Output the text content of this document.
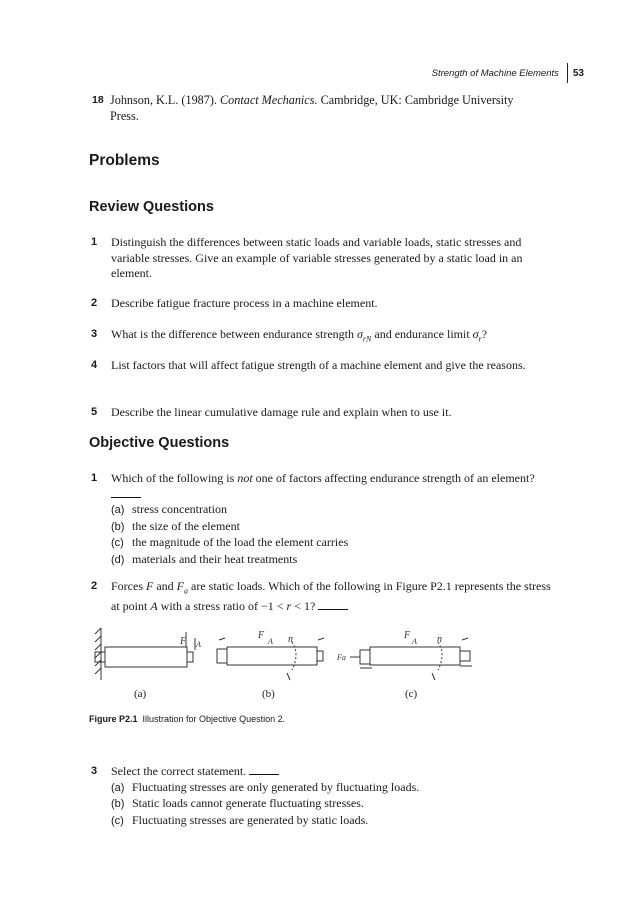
Strength of Machine Elements 53
18 Johnson, K.L. (1987). Contact Mechanics. Cambridge, UK: Cambridge University Press.
Problems
Review Questions
1 Distinguish the differences between static loads and variable loads, static stresses and variable stresses. Give an example of variable stresses generated by a static load in an element.
2 Describe fatigue fracture process in a machine element.
3 What is the difference between endurance strength $\sigma_{rN}$ and endurance limit $\sigma_r$?
4 List factors that will affect fatigue strength of a machine element and give the reasons.
5 Describe the linear cumulative damage rule and explain when to use it.
Objective Questions
1 Which of the following is not one of factors affecting endurance strength of an element?
(a) stress concentration
(b) the size of the element
(c) the magnitude of the load the element carries
(d) materials and their heat treatments
2 Forces F and $F_a$ are static loads. Which of the following in Figure P2.1 represents the stress at point A with a stress ratio of −1 < r < 1?
F A
F
A n
Fa
F
A n
(a)	(b)	(c)
Figure P2.1 Illustration for Objective Question 2.
3 Select the correct statement.
(a) Fluctuating stresses are only generated by fluctuating loads.
(b) Static loads cannot generate fluctuating stresses.
(c) Fluctuating stresses are generated by static loads.
